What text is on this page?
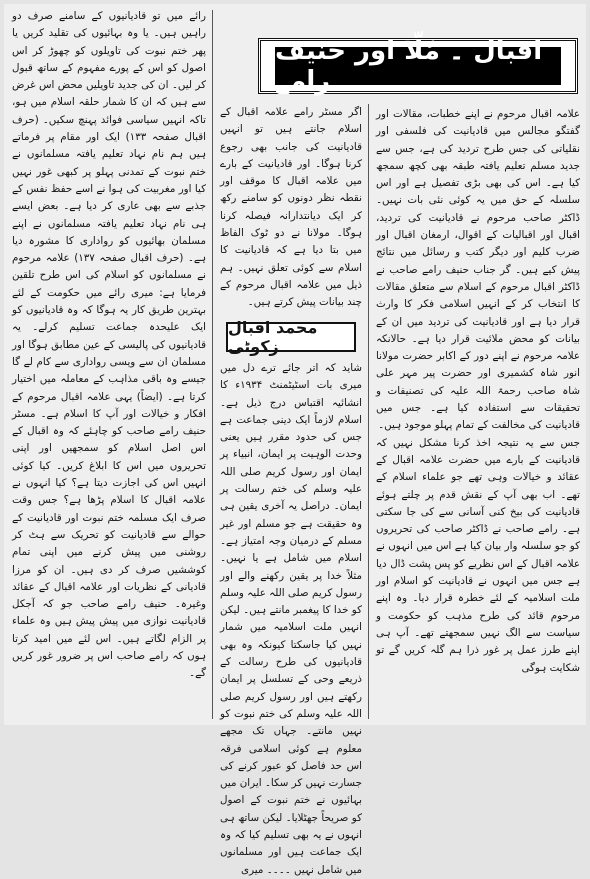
اقبال ۔ مُلّا اور حنیف رامے

علامہ اقبال مرحوم نے اپنے خطبات، مقالات اور گفتگو مجالس میں قادیانیت کی فلسفی اور نقلیاتی کی جس طرح تردید کی ہے، جس سے جدید مسلم تعلیم یافتہ طبقہ بھی کچھ سمجھ کیا ہے۔ اس کی بھی بڑی تفصیل ہے اور اس سلسلہ کے حق میں یہ کوئی نئی بات نہیں۔ ڈاکٹر صاحب مرحوم نے قادیانیت کی تردید، اقبال اور اقبالیات کے اقوال، ارمغان اقبال اور ضرب کلیم اور دیگر کتب و رسائل میں نتائج پیش کیے ہیں۔ گر جناب حنیف رامے صاحب نے ڈاکٹر اقبال مرحوم کے اسلام سے متعلق مقالات کا انتخاب کر کے انہیں اسلامی فکر کا وارث قرار دیا ہے اور قادیانیت کی تردید میں ان کے بیانات کو محض ملائیت قرار دیا ہے۔ حالانکہ علامہ مرحوم نے اپنے دور کے اکابر حضرت مولانا انور شاہ کشمیری اور حضرت پیر مہر علی شاہ صاحب رحمۃ اللہ علیہ کی تصنیفات و تحقیقات سے استفادہ کیا ہے۔ جس میں قادیانیت کی مخالفت کے تمام پہلو موجود ہیں۔

جس سے یہ نتیجہ اخذ کرنا مشکل نہیں کہ قادیانیت کے بارے میں حضرت علامہ اقبال کے عقائد و خیالات وہی تھے جو علماء اسلام کے تھے۔ اب بھی آپ کے نقش قدم پر چلتے ہوئے قادیانیت کی بیخ کنی آسانی سے کی جا سکتی ہے۔ رامے صاحب نے ڈاکٹر صاحب کی تحریروں کو جو سلسلہ وار بیان کیا ہے اس میں انہوں نے علامہ اقبال کے اس نظریے کو پس پشت ڈال دیا ہے جس میں انہوں نے قادیانیت کو اسلام اور ملت اسلامیہ کے لئے خطرہ قرار دیا۔ وہ اپنے مرحوم قائد کی طرح مذہب کو حکومت و سیاست سے الگ نہیں سمجھتے تھے۔ آپ ہی اپنے طرز عمل پر غور ذرا ہم گلہ کریں گے تو شکایت ہوگی

اگر مسٹر رامے علامہ اقبال کے اسلام جانتے ہیں تو انہیں قادیانیت کی جانب بھی رجوع کرنا ہوگا۔ اور قادیانیت کے بارے میں علامہ اقبال کا موقف اور نقطہ نظر دونوں کو سامنے رکھ کر ایک دیانتدارانہ فیصلہ کرنا ہوگا۔ مولانا نے دو ٹوک الفاظ میں بتا دیا ہے کہ قادیانیت کا اسلام سے کوئی تعلق نہیں۔ ہم ذیل میں علامہ اقبال مرحوم کے چند بیانات پیش کرتے ہیں۔

محمد اقبال زکوٹی

شاید کہ اتر جائے ترے دل میں میری بات اسٹیٹمنٹ ۱۹۳۴ء کا انشائیہ اقتباس درج ذیل ہے۔ اسلام لازماً ایک دینی جماعت ہے جس کی حدود مقرر ہیں یعنی وحدت الوہیت پر ایمان، انبیاء پر ایمان اور رسول کریم صلی اللہ علیہ وسلم کی ختم رسالت پر ایمان۔ دراصل یہ آخری یقین ہی وہ حقیقت ہے جو مسلم اور غیر مسلم کے درمیان وجہ امتیاز ہے۔ اسلام میں شامل ہے یا نہیں۔ مثلاً خدا پر یقین رکھنے والے اور رسول کریم صلی اللہ علیہ وسلم کو خدا کا پیغمبر مانتے ہیں۔ لیکن انہیں ملت اسلامیہ میں شمار نہیں کیا جاسکتا کیونکہ وہ بھی قادیانیوں کی طرح رسالت کے ذریعے وحی کے تسلسل پر ایمان رکھتے ہیں اور رسول کریم صلی اللہ علیہ وسلم کی ختم نبوت کو نہیں مانتے۔ جہاں تک مجھے معلوم ہے کوئی اسلامی فرقہ اس حد فاصل کو عبور کرنے کی جسارت نہیں کر سکا۔ ایران میں بہائیوں نے ختم نبوت کے اصول کو صریحاً جھٹلایا۔ لیکن ساتھ ہی انہوں نے یہ بھی تسلیم کیا کہ وہ ایک جماعت ہیں اور مسلمانوں میں شامل نہیں ۔۔۔۔ میری

رائے میں تو قادیانیوں کے سامنے صرف دو راہیں ہیں۔ یا وہ بہائیوں کی تقلید کریں یا پھر ختم نبوت کی تاویلوں کو چھوڑ کر اس اصول کو اس کے پورے مفہوم کے ساتھ قبول کر لیں۔ ان کی جدید تاویلیں محض اس غرض سے ہیں کہ ان کا شمار حلقہ اسلام میں ہو، تاکہ انہیں سیاسی فوائد پہنچ سکیں۔ (حرف اقبال صفحہ ۱۳۳) ایک اور مقام پر فرماتے ہیں ہم نام نہاد تعلیم یافتہ مسلمانوں نے ختم نبوت کے تمدنی پہلو پر کبھی غور نہیں کیا اور مغربیت کی ہوا نے اسے حفظ نفس کے جذبے سے بھی عاری کر دیا ہے۔ بعض ایسے ہی نام نہاد تعلیم یافتہ مسلمانوں نے اپنے مسلمان بھائیوں کو رواداری کا مشورہ دیا ہے۔ (حرف اقبال صفحہ ۱۳۷) علامہ مرحوم نے مسلمانوں کو اسلام کی اس طرح تلقین فرمایا ہے: میری رائے میں حکومت کے لئے بہترین طریق کار یہ ہوگا کہ وہ قادیانیوں کو ایک علیحدہ جماعت تسلیم کرلے۔ یہ قادیانیوں کی پالیسی کے عین مطابق ہوگا اور مسلمان ان سے ویسی رواداری سے کام لے گا جیسے وہ باقی مذاہب کے معاملہ میں اختیار کرتا ہے۔ (ایضاً) یہی علامہ اقبال مرحوم کے افکار و خیالات اور آپ کا اسلام ہے۔ مسٹر حنیف رامے صاحب کو چاہئے کہ وہ اقبال کے اس اصل اسلام کو سمجھیں اور اپنی تحریروں میں اس کا ابلاغ کریں۔ کیا کوئی انہیں اس کی اجازت دیتا ہے؟ کیا انہوں نے علامہ اقبال کا اسلام پڑھا ہے؟ جس وقت صرف ایک مسلمہ ختم نبوت اور قادیانیت کے حوالے سے قادیانیت کو تحریک سے ہٹ کر روشنی میں پیش کرنے میں اپنی تمام کوششیں صرف کر دی ہیں۔ ان کو مرزا قادیانی کے نظریات اور علامہ اقبال کے عقائد وغیرہ۔ حنیف رامے صاحب جو کہ آجکل قادیانیت نوازی میں پیش پیش ہیں وہ علماء پر الزام لگاتے ہیں۔ اس لئے میں امید کرتا ہوں کہ رامے صاحب اس پر ضرور غور کریں گے۔
